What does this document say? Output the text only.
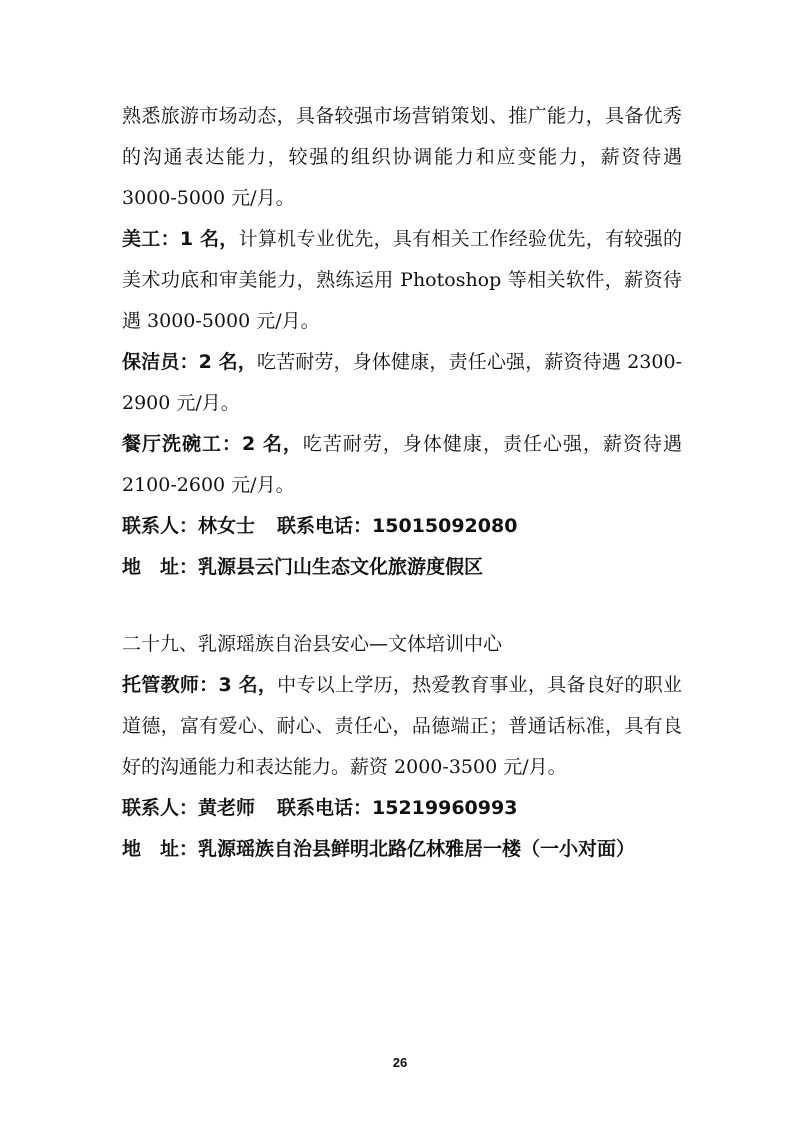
熟悉旅游市场动态，具备较强市场营销策划、推广能力，具备优秀的沟通表达能力，较强的组织协调能力和应变能力，薪资待遇 3000-5000 元/月。

美工：1 名，计算机专业优先，具有相关工作经验优先，有较强的美术功底和审美能力，熟练运用 Photoshop 等相关软件，薪资待遇 3000-5000 元/月。

保洁员：2 名，吃苦耐劳，身体健康，责任心强，薪资待遇 2300-2900 元/月。

餐厅洗碗工：2 名，吃苦耐劳，身体健康，责任心强，薪资待遇 2100-2600 元/月。

联系人：林女士 联系电话：15015092080

地　址：乳源县云门山生态文化旅游度假区

二十九、乳源瑶族自治县安心—文体培训中心

托管教师：3 名，中专以上学历，热爱教育事业，具备良好的职业道德，富有爱心、耐心、责任心，品德端正；普通话标准，具有良好的沟通能力和表达能力。薪资 2000-3500 元/月。

联系人：黄老师 联系电话：15219960993

地　址：乳源瑶族自治县鲜明北路亿林雅居一楼（一小对面）

26
